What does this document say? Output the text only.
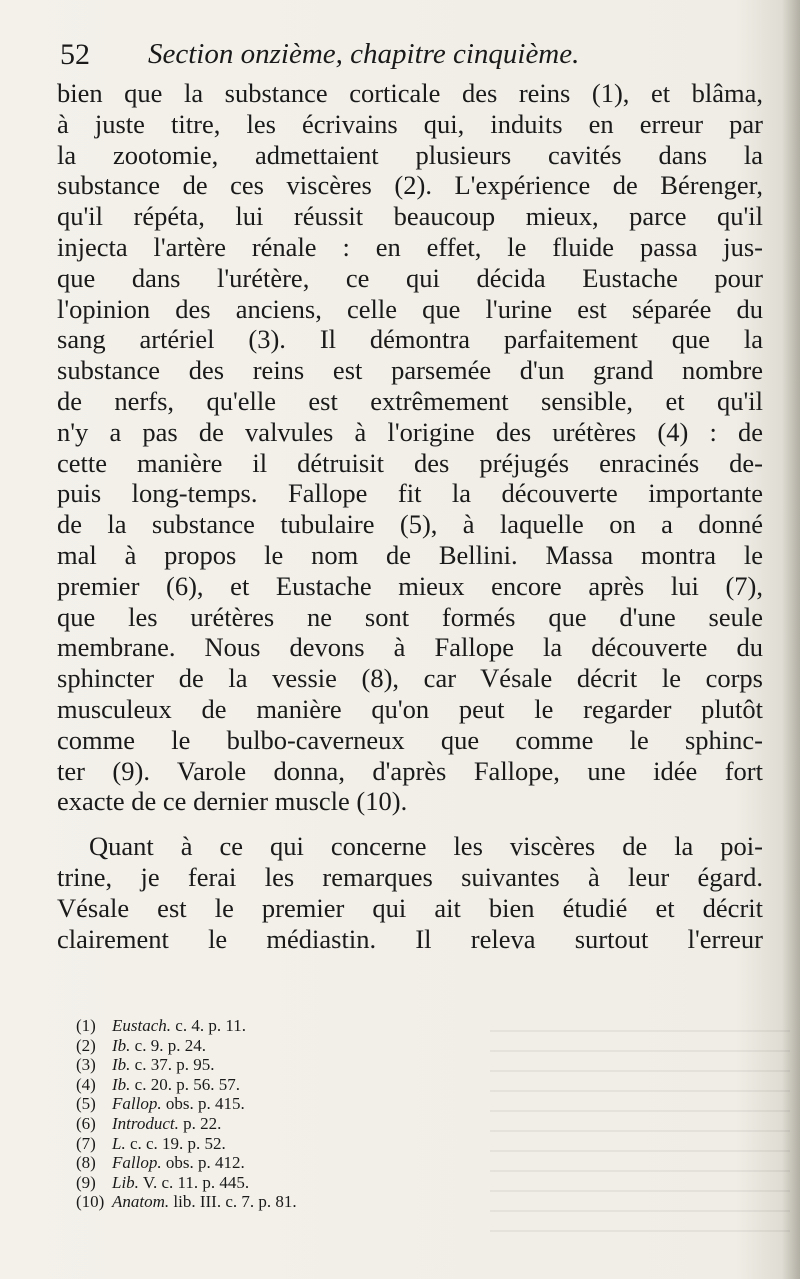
52 Section onzième, chapitre cinquième.
bien que la substance corticale des reins (1), et blâma,
à juste titre, les écrivains qui, induits en erreur par
la zootomie, admettaient plusieurs cavités dans la
substance de ces viscères (2). L'expérience de Bérenger,
qu'il répéta, lui réussit beaucoup mieux, parce qu'il
injecta l'artère rénale : en effet, le fluide passa jus-
que dans l'urétère, ce qui décida Eustache pour
l'opinion des anciens, celle que l'urine est séparée du
sang artériel (3). Il démontra parfaitement que la
substance des reins est parsemée d'un grand nombre
de nerfs, qu'elle est extrêmement sensible, et qu'il
n'y a pas de valvules à l'origine des urétères (4) : de
cette manière il détruisit des préjugés enracinés de-
puis long-temps. Fallope fit la découverte importante
de la substance tubulaire (5), à laquelle on a donné
mal à propos le nom de Bellini. Massa montra le
premier (6), et Eustache mieux encore après lui (7),
que les urétères ne sont formés que d'une seule
membrane. Nous devons à Fallope la découverte du
sphincter de la vessie (8), car Vésale décrit le corps
musculeux de manière qu'on peut le regarder plutôt
comme le bulbo-caverneux que comme le sphinc-
ter (9). Varole donna, d'après Fallope, une idée fort
exacte de ce dernier muscle (10).
Quant à ce qui concerne les viscères de la poi-
trine, je ferai les remarques suivantes à leur égard.
Vésale est le premier qui ait bien étudié et décrit
clairement le médiastin. Il releva surtout l'erreur
(1) Eustach. c. 4. p. 11.
(2) Ib. c. 9. p. 24.
(3) Ib. c. 37. p. 95.
(4) Ib. c. 20. p. 56. 57.
(5) Fallop. obs. p. 415.
(6) Introduct. p. 22.
(7) L. c. c. 19. p. 52.
(8) Fallop. obs. p. 412.
(9) Lib. V. c. 11. p. 445.
(10) Anatom. lib. III. c. 7. p. 81.
